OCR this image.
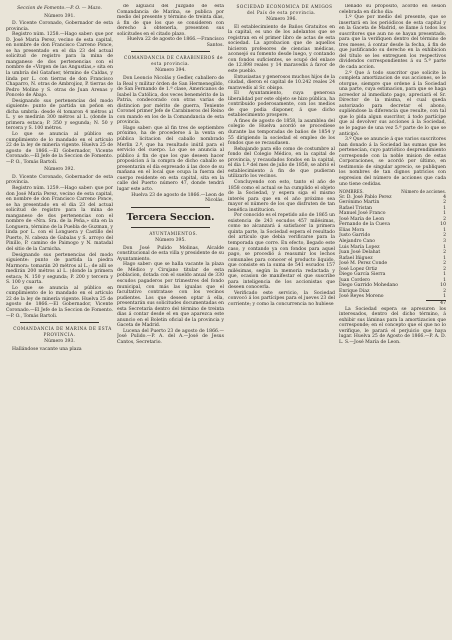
Seccion de Fomento.—P. O. — Mazo.

Número 391.

D. Vicente Coronado, Gobernador de esta provincia.

Registro núm. 1258.—Hago saber: que por D. José Maria Perez, vecino de esta capital, en nombre de don Francisco Carreno Ponce, se ha presentado en el dia 23 del actual solicitud de registro para la mina de manganeso de dos pertenencias con el nombre de «Virgen de las Angustias,» sita en la umbría del Gatafuer, término de Caldas, y linda por L. con tierras de don Francisco Chaparro, N. otras de Ambrojioz, P. tierras de Pedro Molino y S. otras de Juan Arenas y Poncelo de Abajo.

Designando sus pertenencias del modo siguiente: punto de partida un peñon en dicha umbría: desde él tomaron 4 métros al L. y se medirán 300 métros al L. (donde la primera estaca; P. 350 y segunda; N. 50 y tercera y S. 100 métros.

Lo que se anuncia al público en cumplimiento de lo mandado en el artículo 22 de la ley de minería vigente. Huelva 25 de agosto de 1866.—El Gobernador, Vicente Coronado.—El Jefe de la Seccion de Fomento.—P. O., Tomás Bartoli.

Número 392.

D. Vicente Coronado, Gobernador de esta provincia.

Registro núm. 1259.—Hago saber: que por don José María Perez, vecino de esta capital, en nombre de don Francisco Carreno Ponce, se ha presentado en el dia 23 del actual solicitud de registro para la mina de manganeso de dos pertenencias con el nombre de «Nra. Sra. de la Peña,» sita en la Longuera, término de la Puebla de Guzman, y linda por L. con el Longuera y Castillo del Puerto, N. cabeza de Gabalas y S. arroyo del Pinillo, P. camino de Paimogo y N. matadal del sitio de la Carnicha.

Designando sus pertenencias del modo siguiente: punto de partida la piedra Marmora: tomarán 20 métros al L.; de allí se medirán 200 métros al L. (donde la primera estaca; N. 150 y segunda; P. 200 y tercera y S. 100 y cuarta.

Lo que se anuncia al público en cumplimiento de lo mandado en el artículo 22 de la ley de minería vigente. Huelva 25 de agosto de 1866.—El Gobernador, Vicente Coronado.—El Jefe de la Seccion de Fomento.—P. O., Tomás Bartoli.

COMANDANCIA DE MARINA DE ESTA PROVINCIA.

Número 393.

Hallándose vacante una plaza

de alguacil del Juzgado de esta Comandancia de Marina, se publica por medio del presente y término de treinta días, á fin de que los que se consideren con derecho á obtenerla, presenten sus solicitudes en el citado plazo.

Huelva 22 de agosto de 1866.—Francisco Santos.

COMANDANCIA DE CARABINEROS de esta provincia.

Número 394.

Don Leoncio Nicolás y Gedler, caballero de la Real y militar órden de San Hermenegildo, de San Fernando de 1.ª clase, Americanos de Isabel la Católica, dos veces benemérito de la Patria, condecorado con otras varias de distincion por mérito de guerra, Teniente Coronel primer Jefe de Carabineros del Reino con mando en los de la Comandancia de esta provincia.

Hago saber: que al fin tres de septiembre próximo, ha de procederse á la venta en pública licitacion del caballo nombrado Merlin 2.º, que ha resultado inútil para el servicio del cuerpo. Lo que se anuncia al público á fin de que los que deseen hacer proposicion á la compra de dicho caballo se presentarán el día espresado á las doce de su mañana en el local que ocupa la fuerza del cuerpo residente en esta capital, sita en la calle del Puerto número 47, donde tendrá lugar este acto.

Huelva 23 de agosto de 1866.—Leon de Nicolás.

Tercera Seccion.

AYUNTAMIENTOS.

Número 395.

Don José Pulido Molinas, Alcalde constitucional de esta villa y presidente de su Ayuntamiento.

Hago saber: que se halla vacante la plaza de Médico y Cirujano titular de esta poblacion, dotada con el sueldo anual de 330 escudos pagaderos por trimestres del fondo municipal, con más las igualas que el facultativo contratase con los vecinos pudientes. Los que deseen optar á ella, presentarán sus solicitudes documentadas en esta Secretaría dentro del término de treinta dias á contar desde el en que aparezca este anuncio en el Boletin oficial de la provincia y Gaceta de Madrid.

Lucena del Puerto 23 de agosto de 1866.—José Pulido.—P. A. del A.—José de Jesus Cantos, Secretario.

SOCIEDAD ECONÓMICA DE AMIGOS del País de esta provincia.

Número 396.

El establecimiento de Baños Gratuitos en la capital, es uno de los adelantos que se registran en el primer libro de actas de esta sociedad. La aprobacion que de aquellos hicieron profesores de ciencias médicas, aconsejó su fomento desde luego, y contando con fondos suficientes, se ocupó del enlace de 12.898 reales y 14 maravedís á favor de este pueblo.

Entusiastas y generosos muchos hijos de la ciudad, dieron el capital de 10.242 reales 24 maravedís al Sr. obispo.

El Ayuntamiento, cuya generosa liberalidad por este objeto se hizo pública, ha contribuido poderosamente, con los medios de que podia disponer, á que dicho establecimiento prospere.

A fines de agosto de 1858, la asamblea del colegio de Huelva acordó se procediese durante las temporadas de baños de 1854 y 55 dirigiendo la sociedad el empleo de los fondos que se recaudasen.

Rebajando para ello como de costumbre al fondo del Colegio Médico, en la capital de provincia, y recaudados fondos en la capital, el dia 1.º del mes de julio de 1858, se abrió el establecimiento á fin de que pudieran utilizarlo los vecinos.

Concluyendo con esto, tanto el año de 1858 como el actual se ha cumplido el objeto de la Sociedad, y espera siga el mismo interés para que en el año próximo sea mayor el número de los que disfruten de tan benéfica institucion.

Por conocido es el repetido año de 1865 un existencia de 243 escudos 457 milésimas, como no alcanzará á satisfacer la primera quinta parte, la Sociedad espera el resultado del artículo que debia verificarse para la temporada que corre. En efecto, llegado este caso, y contando ya con fondos para aquel pago, se procedió á reasumir los lechos comunales para conocer el producto liquido, que consiste en la suma de 541 escudos 157 milésimas, según la memoria redactada y que, ocasion de manifestar el que suscribe para inteligencia de los accionistas que deseen conocerla.

Verificado este servicio, la Sociedad convocó á los partícipes para el jueves 23 del corriente; y como la concurrencia no hubiese

llenado su propósito, acordó en sesion celebrada en dicho dia:

1.º Que por medio del presente, que se insertará en los periódicos de esta capital y en la Gaceta de Madrid, se llame á todos los suscritores que aun no se hayan presentado, para que la verifiquen dentro del término de tres meses, á contar desde la fecha, á fin de que justificando su derecho en la exhibicion del título se les entreguen los respectivos dividendos correspondientes á su 5.ª parte de cada accion.

2.º Que á todo suscritor que solicite la completa amortizacion de sus acciones, se le otorgue, siempre que ordene á la Sociedad una parte, cuya estimacion, para que se haga acreedor al inmediato pago, apreciará el Sr. Director de la misma, el cual queda autorizado para decretar el abono, supliéndose la diferencia que resulte, con tal que lo pida algun suscritor, á todo partícipe que al devolver sus acciones á la Sociedad, se le pague de una vez 5.ª parte de lo que se anticipó.

3.º Que se anuncie á que varios suscritores han donado á la Sociedad las sumas que les pertenecían, cuyo patriótico desprendimiento corresponde con la noble mision de estas Corporaciones, se acordó por último, en testimonio de singular aprecio, se publiquen los nombres de tan dignos patricios con espresion del número de acciones que cada uno tiene cedidas.

NOMBRES.	Número de acciones.
Sr. D. José Pablo Perez	4
Gerónimo Martin	2
Rafael Tristan	1
Manuel José Franco	1
José María de Leon	2
Fernando de la Cueva	10
Elias Mora	1
Justo Garrido	2
Alejandro Cano	3
Luis María Lopez	1
Juan José Delahat	2
Rafael Iñiguez	1
José M. Perez Conde	2
José Lopez Ortiz	2
Diego García Sierra	1
Juan Cordero	1
Diego Garrido Mohedano	10
Enrique Díaz	2
José Reyes Moreno	1
47

La Sociedad espera se apresuren los interesados, dentro del dicho término, á exhibir sus láminas para la amortizacion que corresponde; en el concepto que el que no lo verifique, le parará el perjuicio que haya lugar. Huelva 25 de Agosto de 1866.—P. A. D. L. S.—José María de Leon.
